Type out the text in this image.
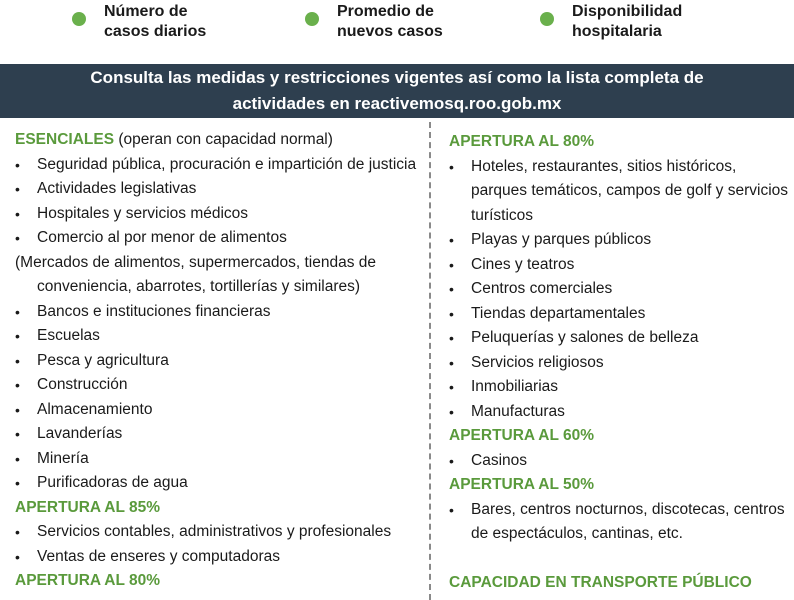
Número de
casos diarios
Promedio de
nuevos casos
Disponibilidad
hospitalaria
Consulta las medidas y restricciones vigentes así como la lista completa de
actividades en reactivemosq.roo.gob.mx
ESENCIALES (operan con capacidad normal)
• Seguridad pública, procuración e impartición de justicia
• Actividades legislativas
• Hospitales y servicios médicos
• Comercio al por menor de alimentos
(Mercados de alimentos, supermercados, tiendas de
conveniencia, abarrotes, tortillerías y similares)
• Bancos e instituciones financieras
• Escuelas
• Pesca y agricultura
• Construcción
• Almacenamiento
• Lavanderías
• Minería
• Purificadoras de agua
APERTURA AL 85%
• Servicios contables, administrativos y profesionales
• Ventas de enseres y computadoras
APERTURA AL 80%
APERTURA AL 80%
• Hoteles, restaurantes, sitios históricos, parques temáticos, campos de golf y servicios turísticos
• Playas y parques públicos
• Cines y teatros
• Centros comerciales
• Tiendas departamentales
• Peluquerías y salones de belleza
• Servicios religiosos
• Inmobiliarias
• Manufacturas
APERTURA AL 60%
• Casinos
APERTURA AL 50%
• Bares, centros nocturnos, discotecas, centros de espectáculos, cantinas, etc.
CAPACIDAD EN TRANSPORTE PÚBLICO
